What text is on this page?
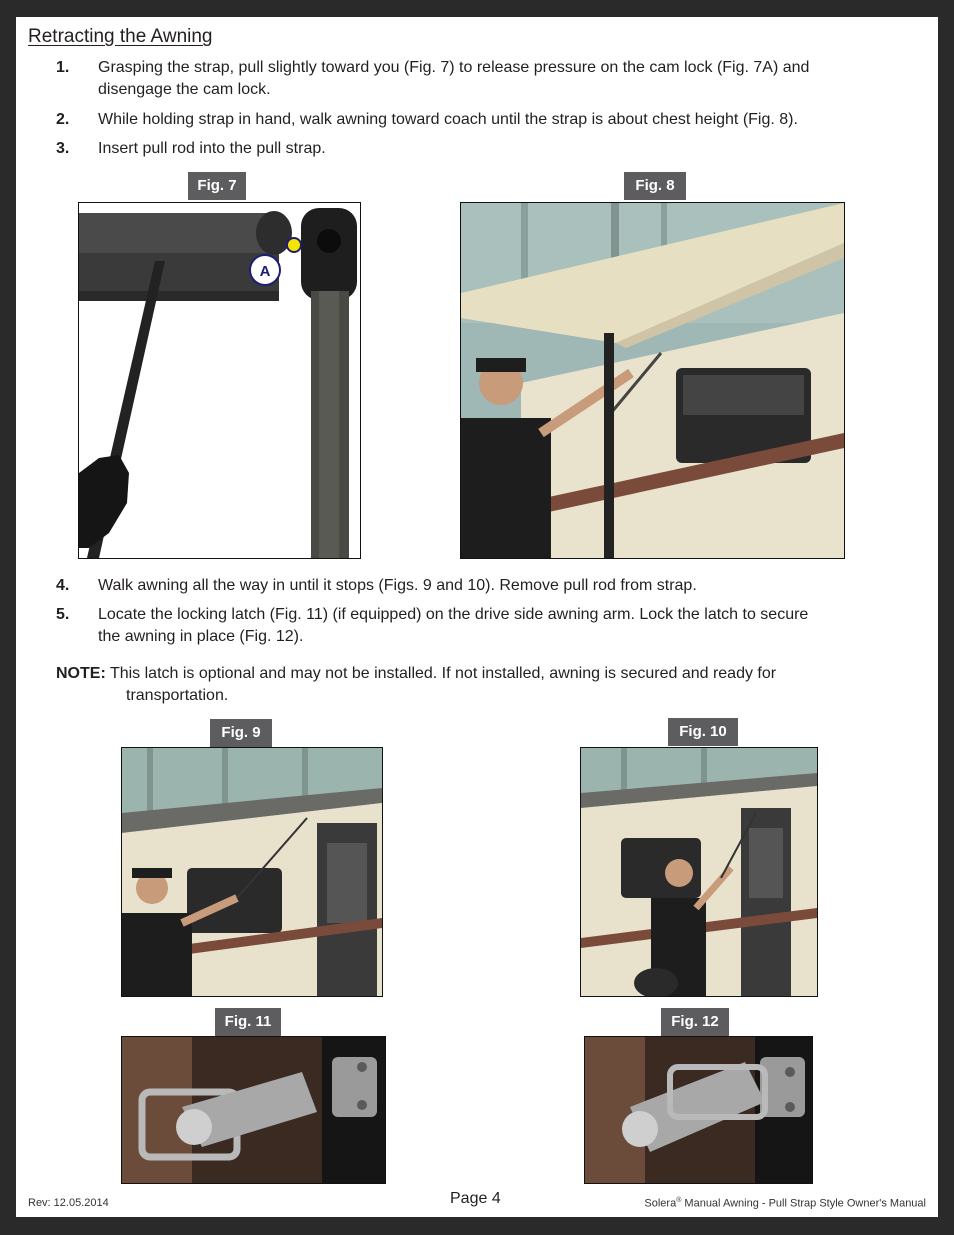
Retracting the Awning
1. Grasping the strap, pull slightly toward you (Fig. 7) to release pressure on the cam lock (Fig. 7A) and
disengage the cam lock.
2. While holding strap in hand, walk awning toward coach until the strap is about chest height (Fig. 8).
3. Insert pull rod into the pull strap.
Fig. 7
A
Fig. 8
4. Walk awning all the way in until it stops (Figs. 9 and 10). Remove pull rod from strap.
5. Locate the locking latch (Fig. 11) (if equipped) on the drive side awning arm. Lock the latch to secure
the awning in place (Fig. 12).
NOTE: This latch is optional and may not be installed. If not installed, awning is secured and ready for
transportation.
Fig. 9	Fig. 10
Fig. 11	Fig. 12
Rev: 12.05.2014	Page 4	Solera® Manual Awning - Pull Strap Style Owner's Manual
